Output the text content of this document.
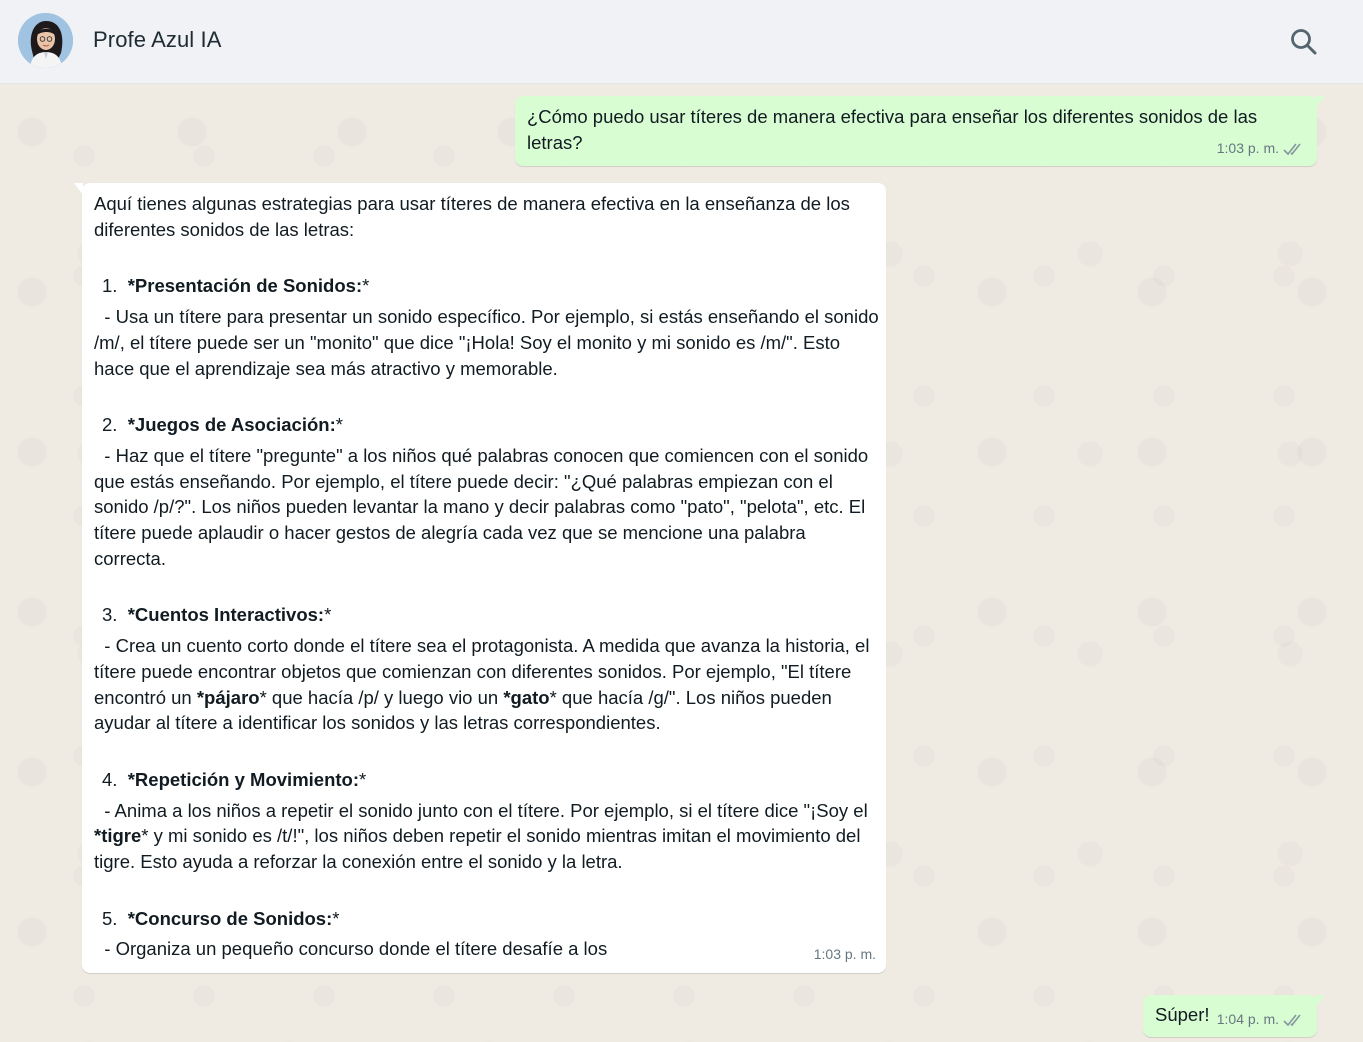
Profe Azul IA
¿Cómo puedo usar títeres de manera efectiva para enseñar los diferentes sonidos de las letras?	1:03 p. m.

Aquí tienes algunas estrategias para usar títeres de manera efectiva en la enseñanza de los diferentes sonidos de las letras:

1. *Presentación de Sonidos:*
- Usa un títere para presentar un sonido específico. Por ejemplo, si estás enseñando el sonido /m/, el títere puede ser un "monito" que dice "¡Hola! Soy el monito y mi sonido es /m/". Esto hace que el aprendizaje sea más atractivo y memorable.
2. *Juegos de Asociación:*
- Haz que el títere "pregunte" a los niños qué palabras conocen que comiencen con el sonido que estás enseñando. Por ejemplo, el títere puede decir: "¿Qué palabras empiezan con el sonido /p/?". Los niños pueden levantar la mano y decir palabras como "pato", "pelota", etc. El títere puede aplaudir o hacer gestos de alegría cada vez que se mencione una palabra correcta.
3. *Cuentos Interactivos:*
- Crea un cuento corto donde el títere sea el protagonista. A medida que avanza la historia, el títere puede encontrar objetos que comienzan con diferentes sonidos. Por ejemplo, "El títere encontró un *pájaro* que hacía /p/ y luego vio un *gato* que hacía /g/". Los niños pueden ayudar al títere a identificar los sonidos y las letras correspondientes.
4. *Repetición y Movimiento:*
- Anima a los niños a repetir el sonido junto con el títere. Por ejemplo, si el títere dice "¡Soy el *tigre* y mi sonido es /t/!", los niños deben repetir el sonido mientras imitan el movimiento del tigre. Esto ayuda a reforzar la conexión entre el sonido y la letra.
5. *Concurso de Sonidos:*
- Organiza un pequeño concurso donde el títere desafíe a los	1:03 p. m.
Súper! 1:04 p. m.
